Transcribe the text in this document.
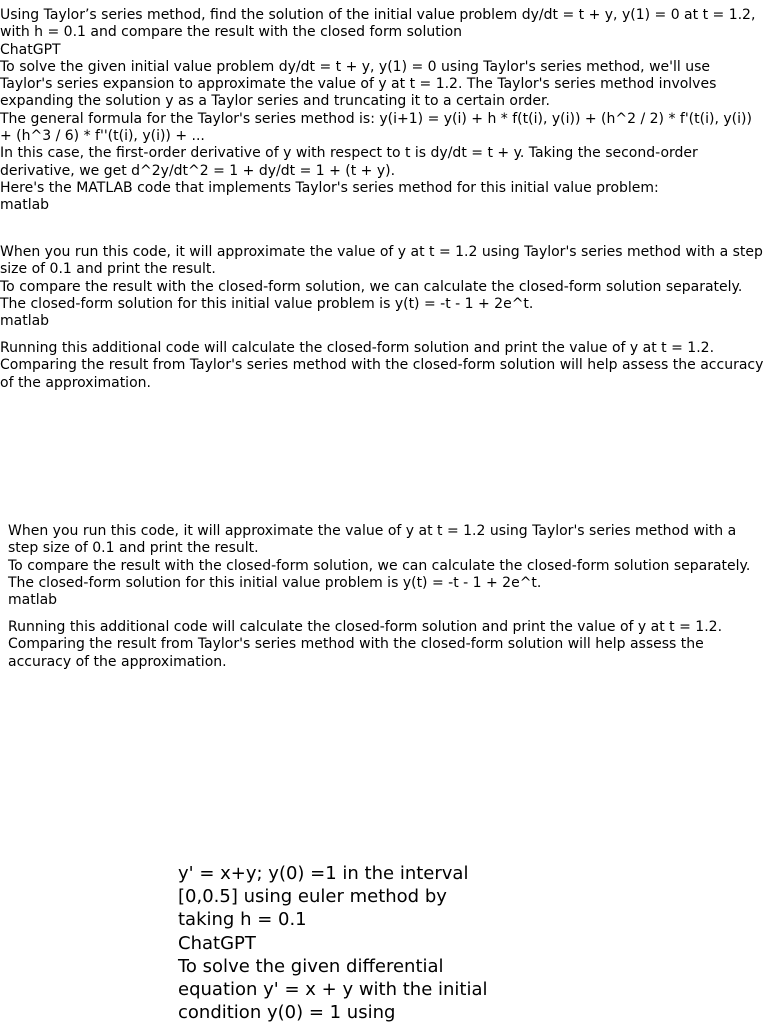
Using Taylor’s series method, find the solution of the initial value problem dy/dt = t + y, y(1) = 0 at t = 1.2, with h = 0.1 and compare the result with the closed form solution

ChatGPT

To solve the given initial value problem dy/dt = t + y, y(1) = 0 using Taylor's series method, we'll use Taylor's series expansion to approximate the value of y at t = 1.2. The Taylor's series method involves expanding the solution y as a Taylor series and truncating it to a certain order.

The general formula for the Taylor's series method is: y(i+1) = y(i) + h * f(t(i), y(i)) + (h^2 / 2) * f'(t(i), y(i)) + (h^3 / 6) * f''(t(i), y(i)) + ...

In this case, the first-order derivative of y with respect to t is dy/dt = t + y. Taking the second-order derivative, we get d^2y/dt^2 = 1 + dy/dt = 1 + (t + y).

Here's the MATLAB code that implements Taylor's series method for this initial value problem:

matlab

When you run this code, it will approximate the value of y at t = 1.2 using Taylor's series method with a step size of 0.1 and print the result.

To compare the result with the closed-form solution, we can calculate the closed-form solution separately. The closed-form solution for this initial value problem is y(t) = -t - 1 + 2e^t.

matlab

Running this additional code will calculate the closed-form solution and print the value of y at t = 1.2. Comparing the result from Taylor's series method with the closed-form solution will help assess the accuracy of the approximation.

When you run this code, it will approximate the value of y at t = 1.2 using Taylor's series method with a step size of 0.1 and print the result.

To compare the result with the closed-form solution, we can calculate the closed-form solution separately. The closed-form solution for this initial value problem is y(t) = -t - 1 + 2e^t.

matlab

Running this additional code will calculate the closed-form solution and print the value of y at t = 1.2. Comparing the result from Taylor's series method with the closed-form solution will help assess the accuracy of the approximation.

y' = x+y; y(0) =1 in the interval [0,0.5] using euler method by taking h = 0.1

ChatGPT

To solve the given differential equation y' = x + y with the initial condition y(0) = 1 using
